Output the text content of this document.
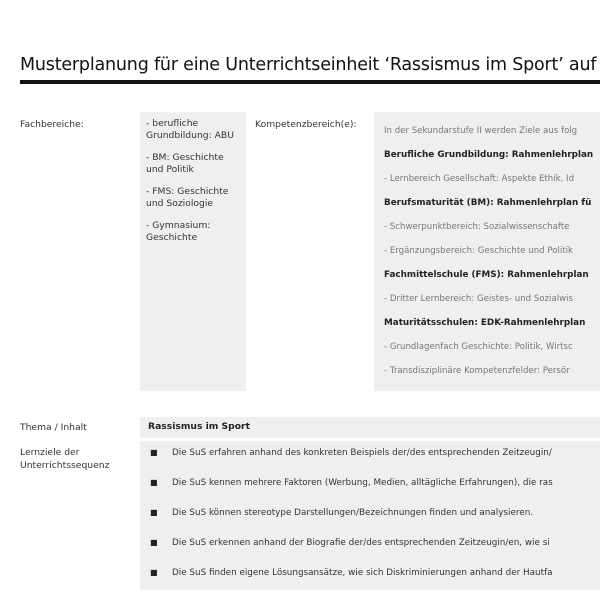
Musterplanung für eine Unterrichtseinheit ‘Rassismus im Sport’ auf
Fachbereiche:	- berufliche Grundbildung: ABU
- BM: Geschichte und Politik
- FMS: Geschichte und Soziologie
- Gymnasium: Geschichte
Kompetenzbereich(e):
In der Sekundarstufe II werden Ziele aus folg
Berufliche Grundbildung: Rahmenlehrplan
- Lernbereich Gesellschaft: Aspekte Ethik, Id
Berufsmaturität (BM): Rahmenlehrplan fü
- Schwerpunktbereich: Sozialwissenschafte
- Ergänzungsbereich: Geschichte und Politik
Fachmittelschule (FMS): Rahmenlehrplan
- Dritter Lernbereich: Geistes- und Sozialwis
Maturitätsschulen: EDK-Rahmenlehrplan
- Grundlagenfach Geschichte: Politik, Wirtsc
- Transdisziplinäre Kompetenzfelder: Persör
Thema / Inhalt	Rassismus im Sport
Lernziele der
Unterrichtssequenz
■ Die SuS erfahren anhand des konkreten Beispiels der/des entsprechenden Zeitzeugin/
■ Die SuS kennen mehrere Faktoren (Werbung, Medien, alltägliche Erfahrungen), die ras
■ Die SuS können stereotype Darstellungen/Bezeichnungen finden und analysieren.
■ Die SuS erkennen anhand der Biografie der/des entsprechenden Zeitzeugin/en, wie si
■ Die SuS finden eigene Lösungsansätze, wie sich Diskriminierungen anhand der Hautfa
